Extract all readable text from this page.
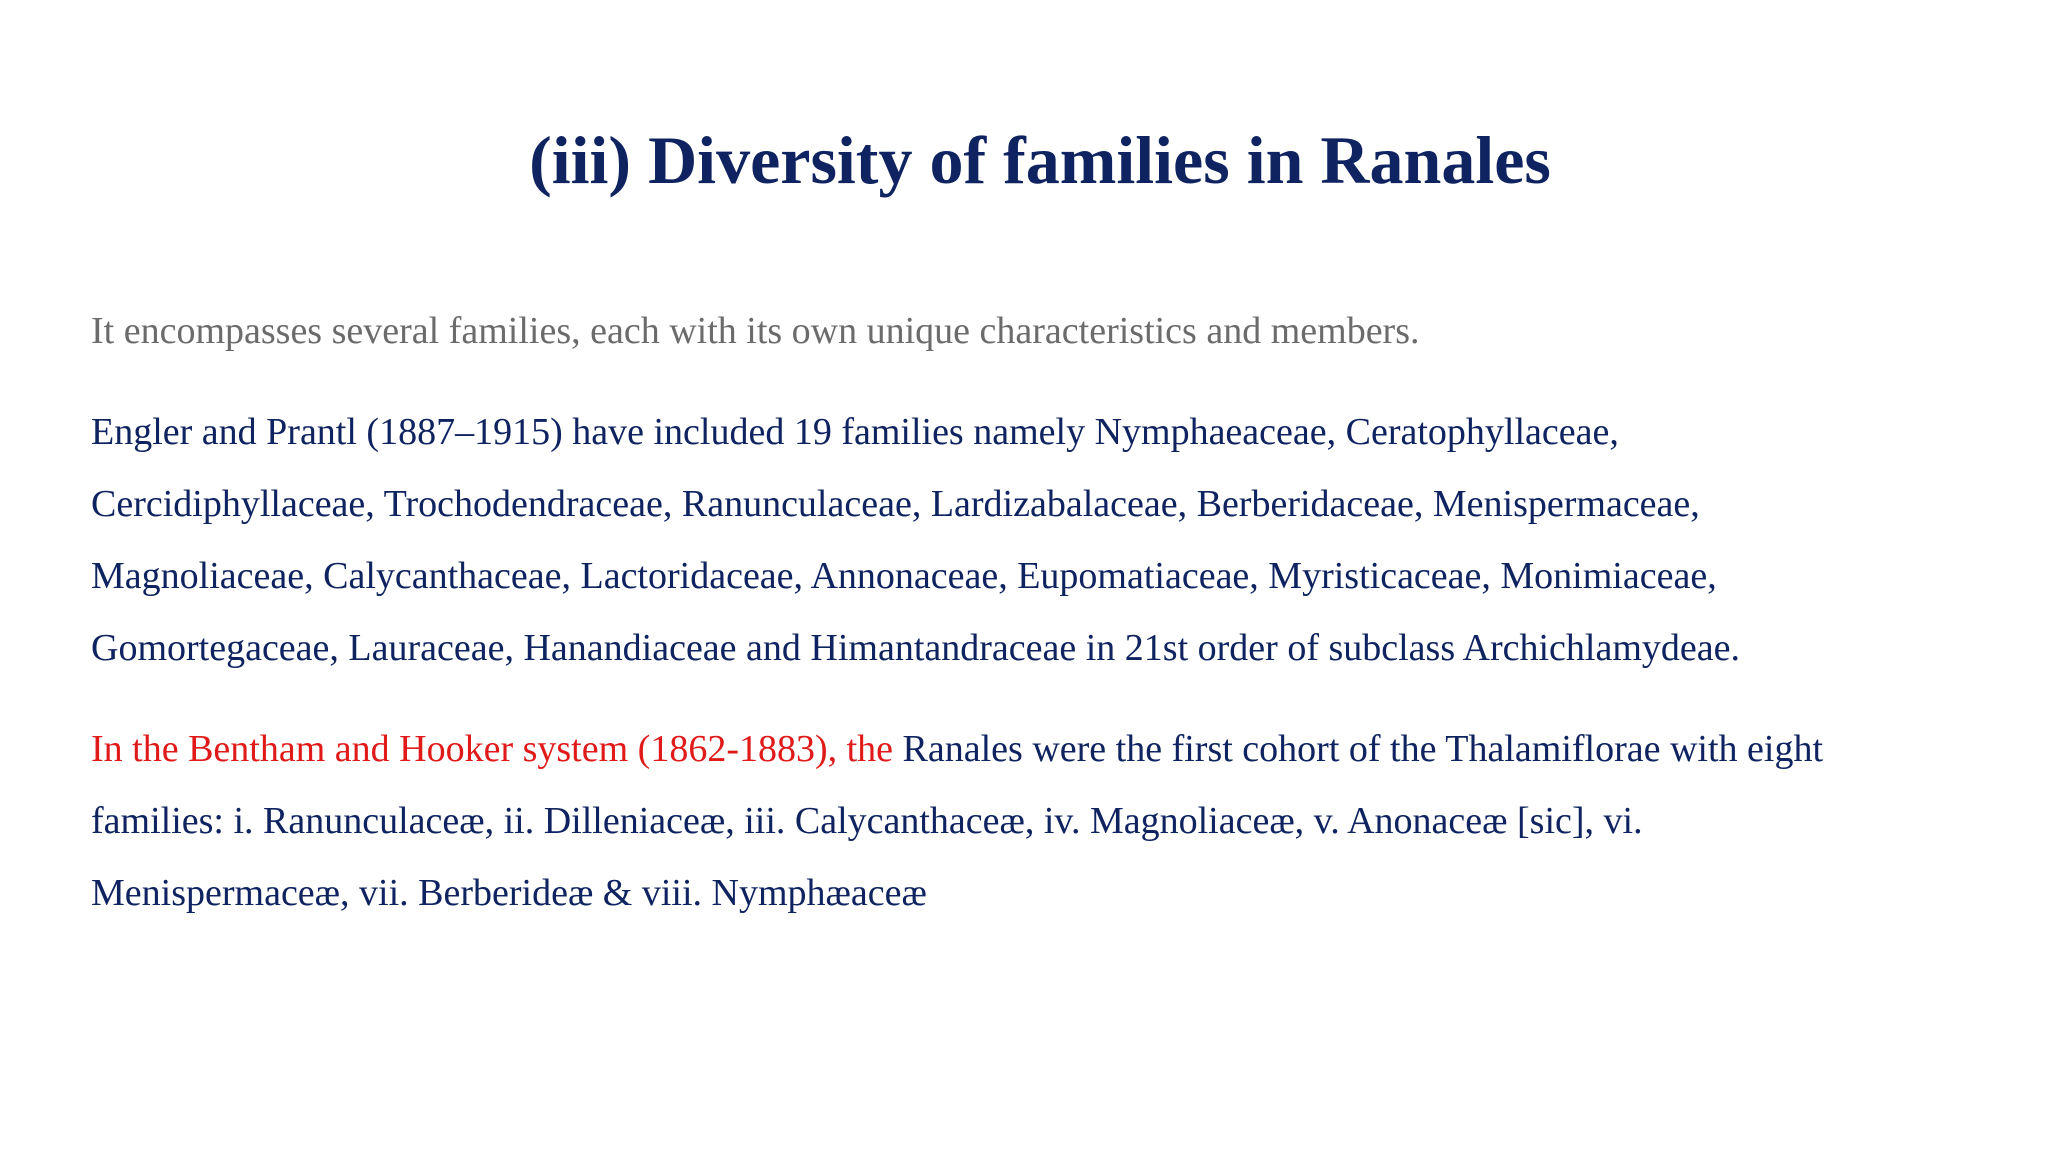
(iii) Diversity of families in Ranales

It encompasses several families, each with its own unique characteristics and members.

Engler and Prantl (1887–1915) have included 19 families namely Nymphaeaceae, Ceratophyllaceae,
Cercidiphyllaceae, Trochodendraceae, Ranunculaceae, Lardizabalaceae, Berberidaceae, Menispermaceae,
Magnoliaceae, Calycanthaceae, Lactoridaceae, Annonaceae, Eupomatiaceae, Myristicaceae, Monimiaceae,
Gomortegaceae, Lauraceae, Hanandiaceae and Himantandraceae in 21st order of subclass Archichlamydeae.

In the Bentham and Hooker system (1862-1883), the Ranales were the first cohort of the Thalamiflorae with eight
families: i. Ranunculaceæ, ii. Dilleniaceæ, iii. Calycanthaceæ, iv. Magnoliaceæ, v. Anonaceæ [sic], vi.
Menispermaceæ, vii. Berberideæ & viii. Nymphæaceæ
